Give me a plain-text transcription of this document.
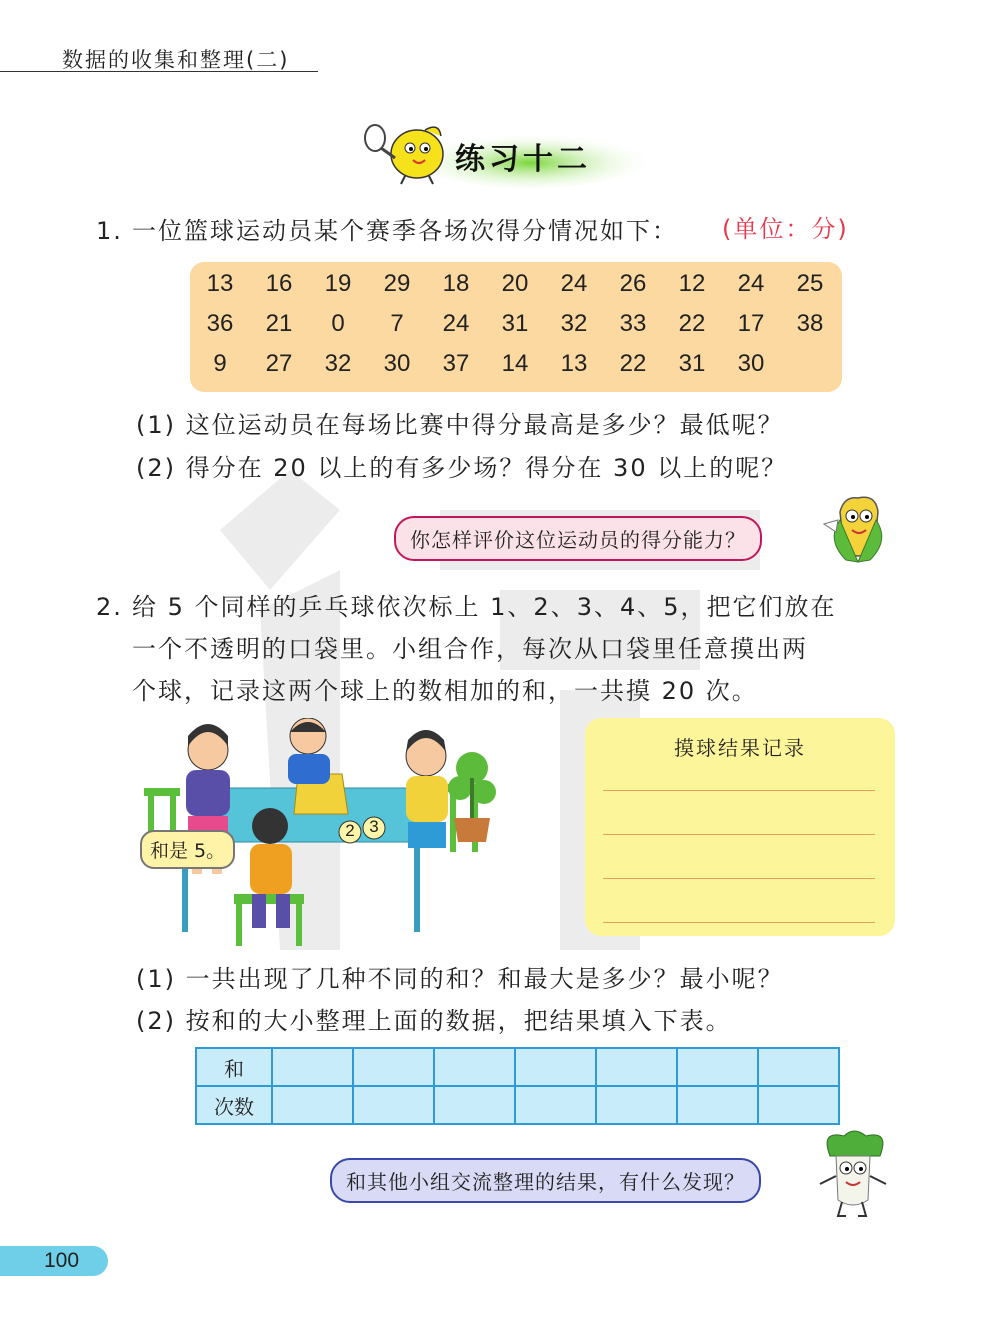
数据的收集和整理(二)
练习十二
1. 一位篮球运动员某个赛季各场次得分情况如下： (单位：分)
13	16	19	29	18	20	24	26	12	24	25
36	21	0	7	24	31	32	33	22	17	38
9	27	32	30	37	14	13	22	31	30
(1) 这位运动员在每场比赛中得分最高是多少？最低呢？
(2) 得分在 20 以上的有多少场？得分在 30 以上的呢？
你怎样评价这位运动员的得分能力？
2. 给 5 个同样的乒乓球依次标上 1、2、3、4、5，把它们放在
一个不透明的口袋里。小组合作，每次从口袋里任意摸出两
个球，记录这两个球上的数相加的和，一共摸 20 次。
2 3
和是 5。
摸球结果记录
(1) 一共出现了几种不同的和？和最大是多少？最小呢？
(2) 按和的大小整理上面的数据，把结果填入下表。
和							
次数							
和其他小组交流整理的结果，有什么发现？
100
